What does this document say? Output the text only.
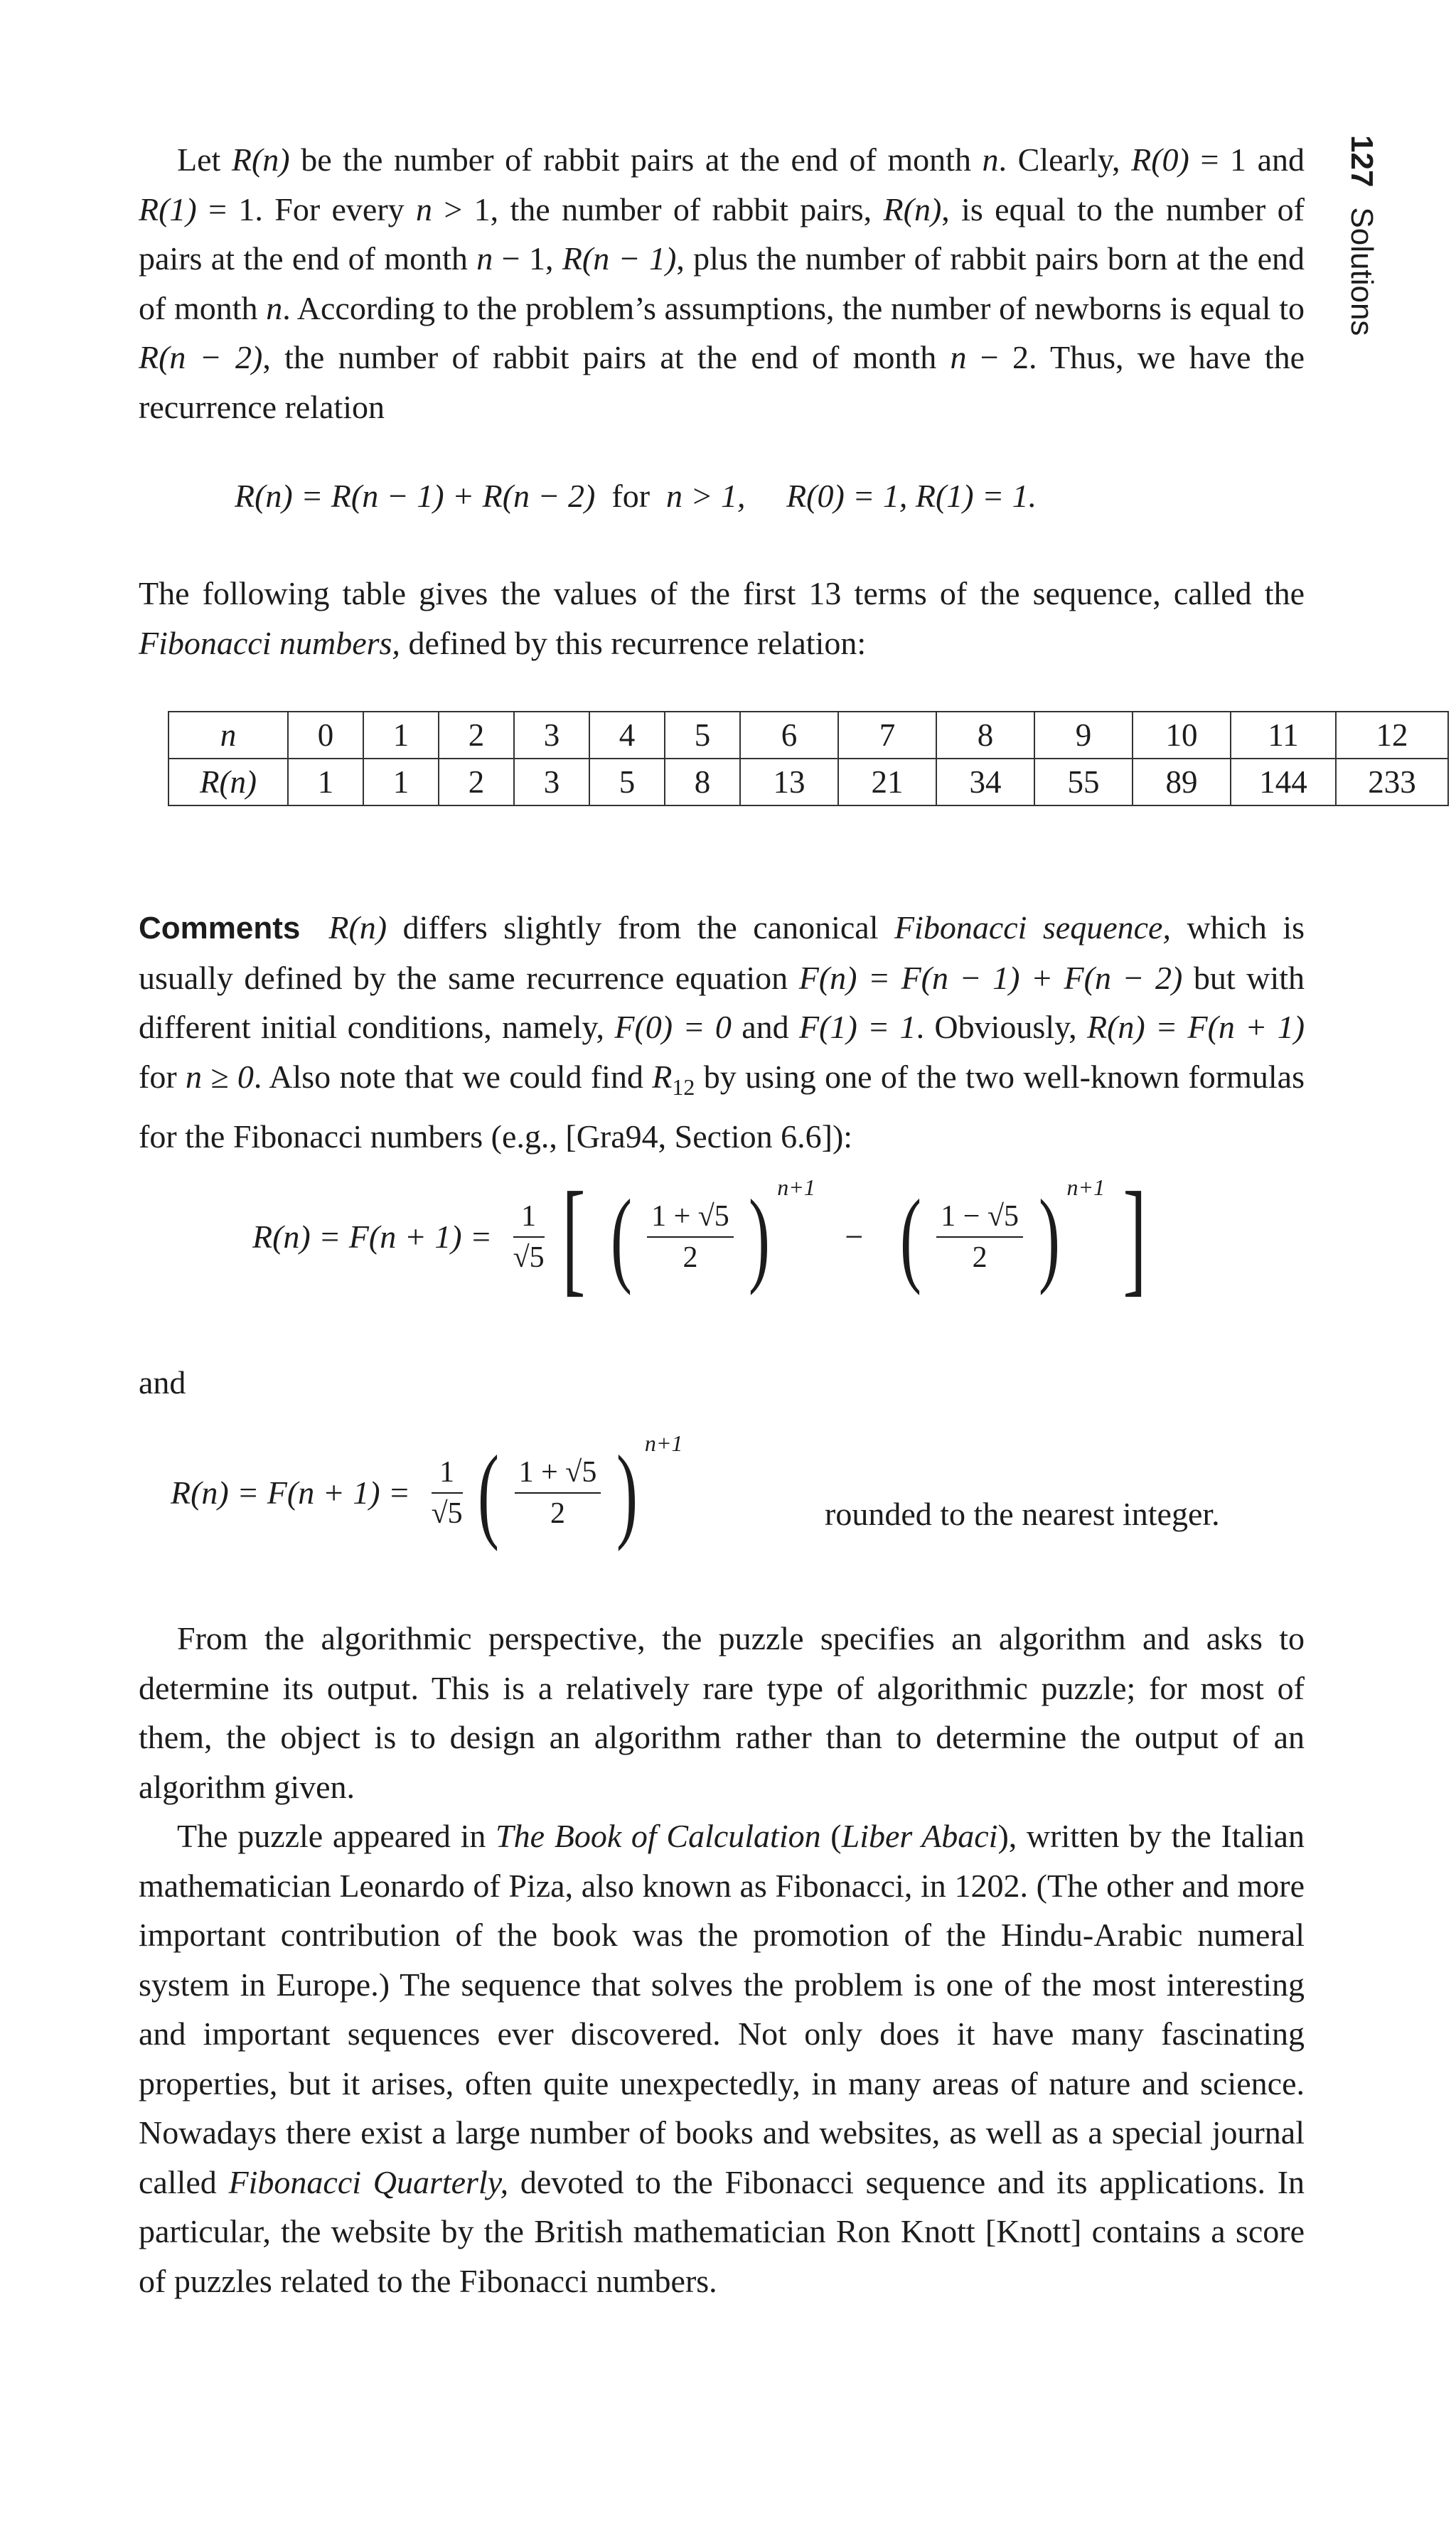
127Solutions
Let R(n) be the number of rabbit pairs at the end of month n. Clearly, R(0) = 1 and R(1) = 1. For every n > 1, the number of rabbit pairs, R(n), is equal to the number of pairs at the end of month n − 1, R(n − 1), plus the number of rabbit pairs born at the end of month n. According to the problem’s assumptions, the number of newborns is equal to R(n − 2), the number of rabbit pairs at the end of month n − 2. Thus, we have the recurrence relation
R(n) = R(n − 1) + R(n − 2) for n > 1, R(0) = 1, R(1) = 1.
The following table gives the values of the first 13 terms of the sequence, called the Fibonacci numbers, defined by this recurrence relation:
n	0	1	2	3	4	5	6	7	8	9	10	11	12
R(n)	1	1	2	3	5	8	13	21	34	55	89	144	233
Comments R(n) differs slightly from the canonical Fibonacci sequence, which is usually defined by the same recurrence equation F(n) = F(n − 1) + F(n − 2) but with different initial conditions, namely, F(0) = 0 and F(1) = 1. Obviously, R(n) = F(n + 1) for n ≥ 0. Also note that we could find $R_{12}$ by using one of the two well-known formulas for the Fibonacci numbers (e.g., [Gra94, Section 6.6]):
$R(n) = F(n + 1) = \frac{1}{√5}$ [ ( $\frac{1 + √5}{2}$ ) $^{n+1}$ − ( $\frac{1 - √5}{2}$ ) $^{n+1}$ ]
and
$R(n) = F(n + 1) = \frac{1}{√5}$ ( $\frac{1 + √5}{2}$ ) $^{n+1}$
rounded to the nearest integer.
From the algorithmic perspective, the puzzle specifies an algorithm and asks to determine its output. This is a relatively rare type of algorithmic puzzle; for most of them, the object is to design an algorithm rather than to determine the output of an algorithm given.
The puzzle appeared in The Book of Calculation (Liber Abaci), written by the Italian mathematician Leonardo of Piza, also known as Fibonacci, in 1202. (The other and more important contribution of the book was the promotion of the Hindu-Arabic numeral system in Europe.) The sequence that solves the problem is one of the most interesting and important sequences ever discovered. Not only does it have many fascinating properties, but it arises, often quite unexpectedly, in many areas of nature and science. Nowadays there exist a large number of books and websites, as well as a special journal called Fibonacci Quarterly, devoted to the Fibonacci sequence and its applications. In particular, the website by the British mathematician Ron Knott [Knott] contains a score of puzzles related to the Fibonacci numbers.
